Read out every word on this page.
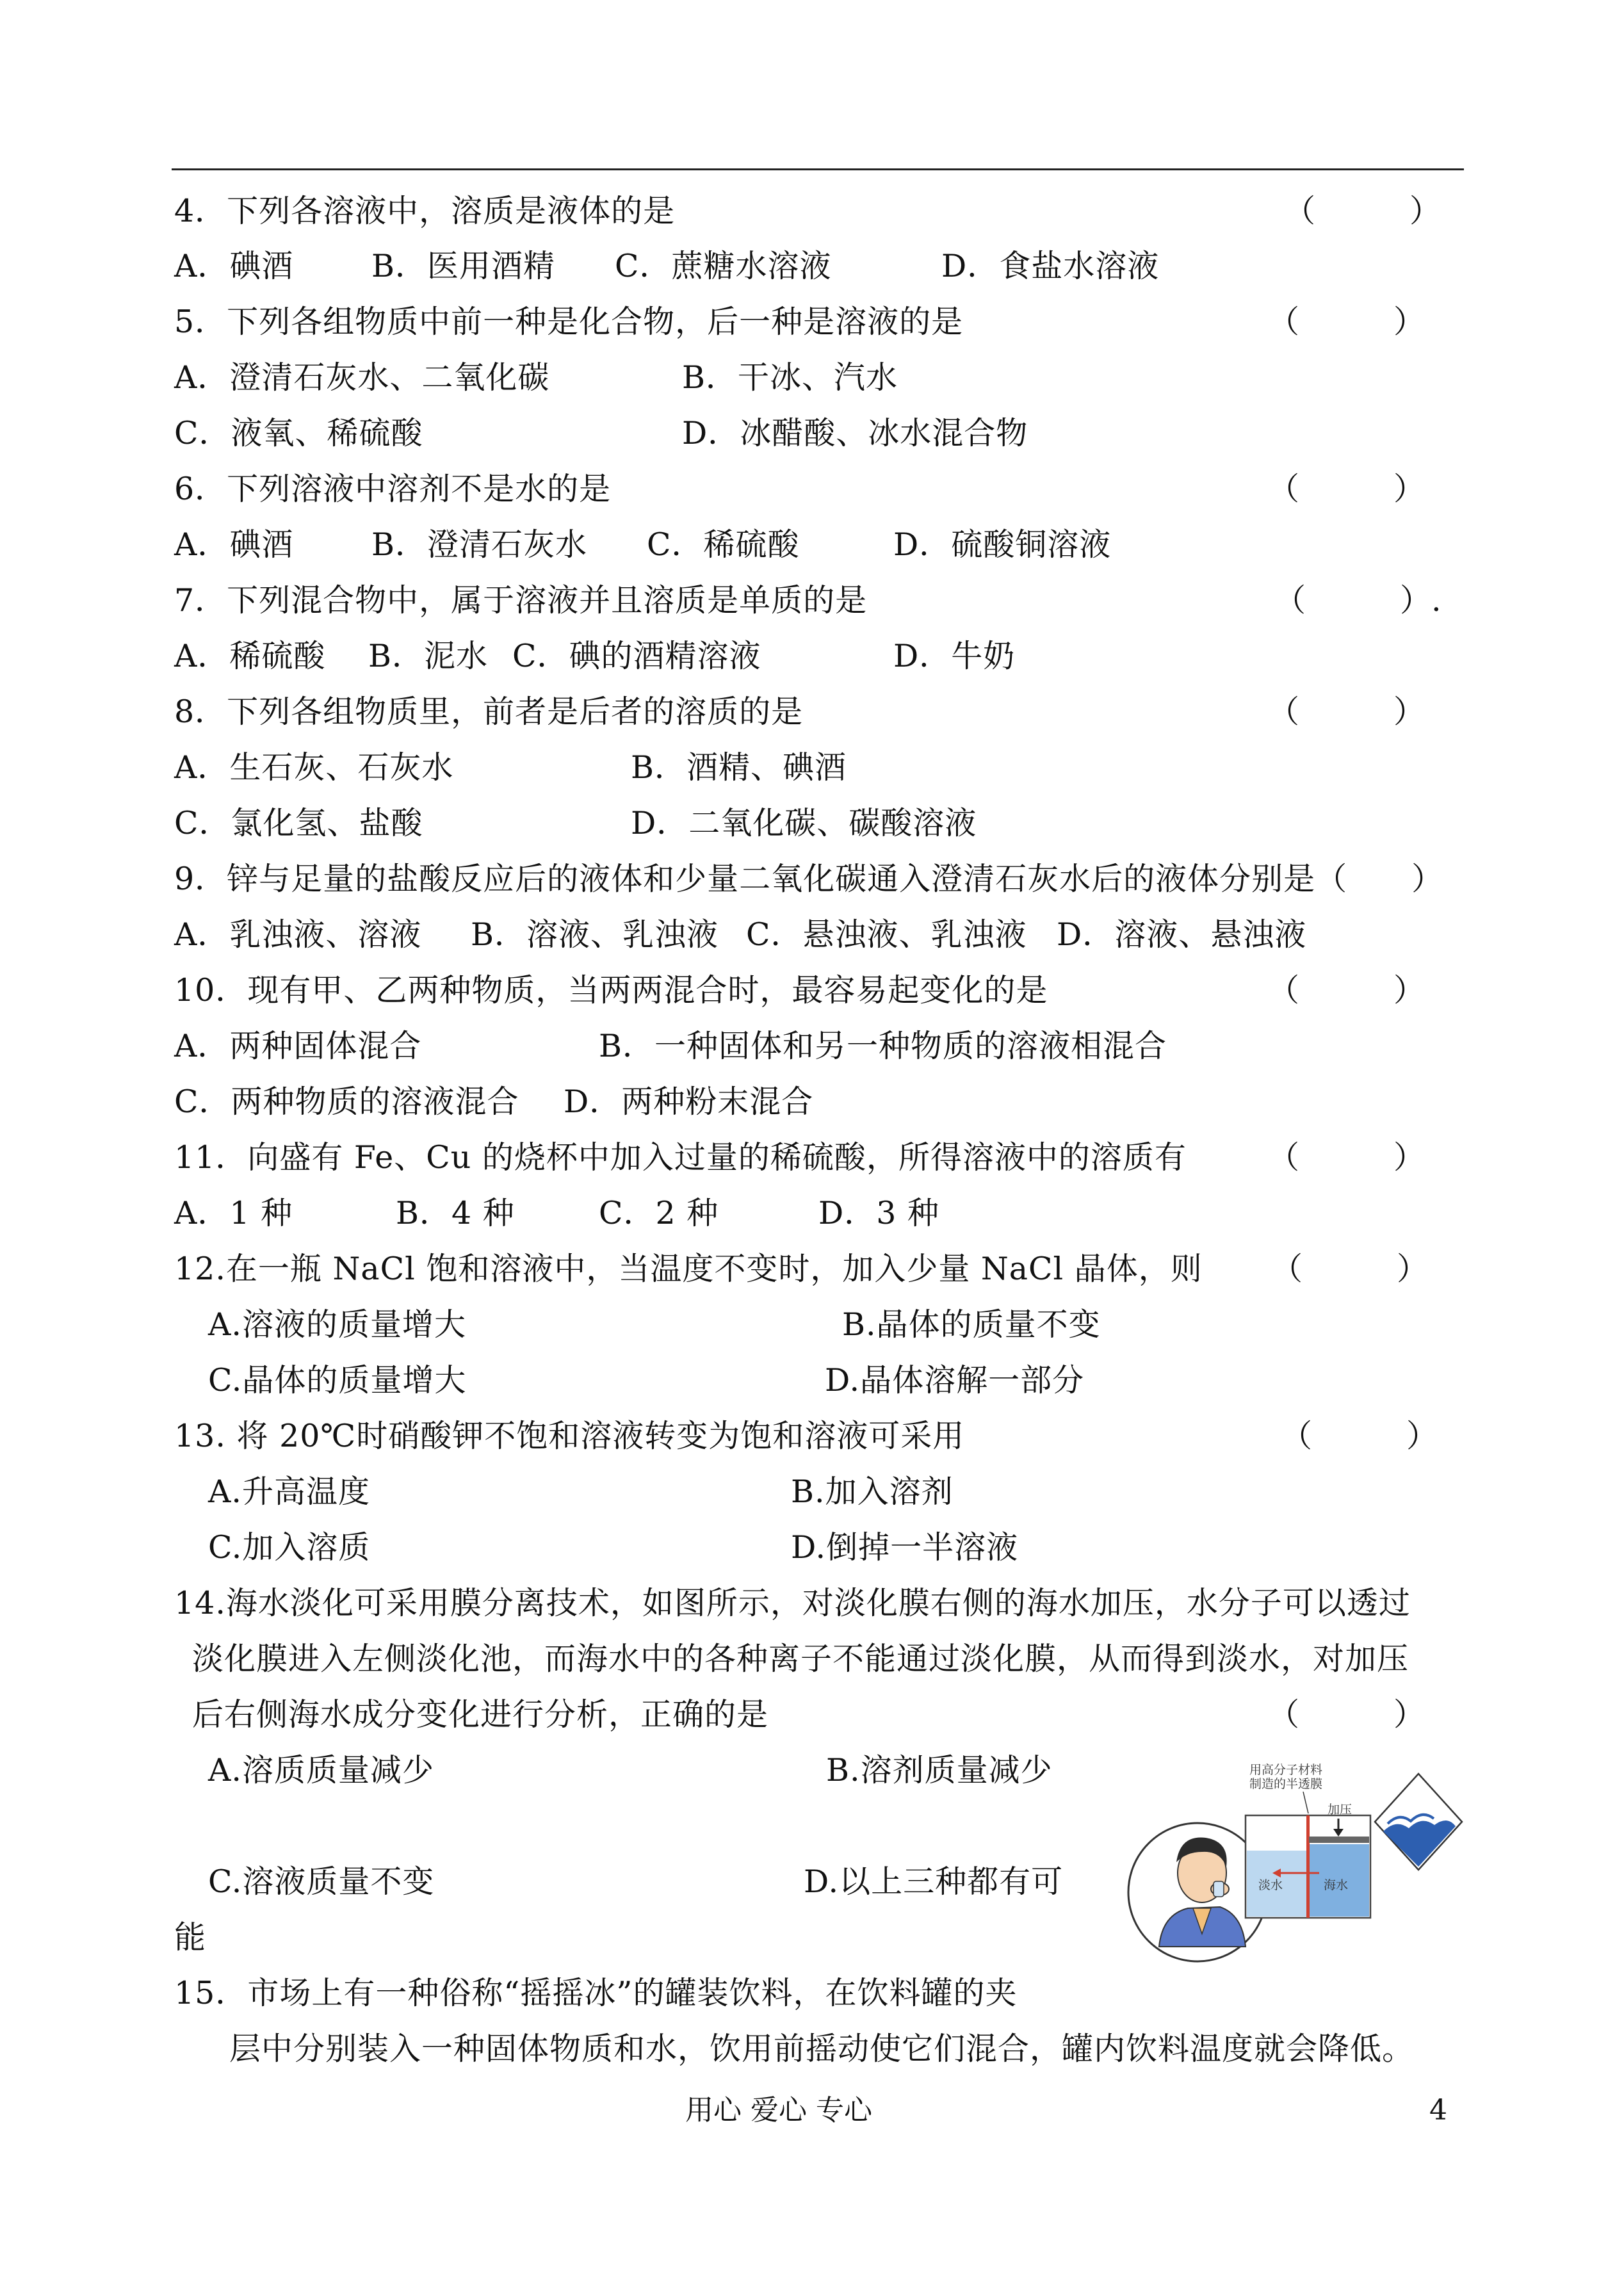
4．下列各溶液中，溶质是液体的是	（　　　）
A．碘酒 B．医用酒精 C．蔗糖水溶液	D．食盐水溶液
5．下列各组物质中前一种是化合物，后一种是溶液的是	（　　　）
A．澄清石灰水、二氧化碳	B．干冰、汽水
C．液氧、稀硫酸	D．冰醋酸、冰水混合物
6．下列溶液中溶剂不是水的是	（　　　）
A．碘酒 B．澄清石灰水 C．稀硫酸	D．硫酸铜溶液
7．下列混合物中，属于溶液并且溶质是单质的是	（　　　）.
A．稀硫酸 B．泥水 C．碘的酒精溶液	D．牛奶
8．下列各组物质里，前者是后者的溶质的是	（　　　）
A．生石灰、石灰水	B．酒精、碘酒
C．氯化氢、盐酸	D．二氧化碳、碳酸溶液
9．锌与足量的盐酸反应后的液体和少量二氧化碳通入澄清石灰水后的液体分别是（　　）
A．乳浊液、溶液 B．溶液、乳浊液 C．悬浊液、乳浊液 D．溶液、悬浊液
10．现有甲、乙两种物质，当两两混合时，最容易起变化的是	（　　　）
A．两种固体混合	B．一种固体和另一种物质的溶液相混合
C．两种物质的溶液混合 D．两种粉末混合
11．向盛有 Fe、Cu 的烧杯中加入过量的稀硫酸，所得溶液中的溶质有	（　　　）
A．1 种	B．4 种	C．2 种	D．3 种
12.在一瓶 NaCl 饱和溶液中，当温度不变时，加入少量 NaCl 晶体，则 （　　　）
A.溶液的质量增大	B.晶体的质量不变
C.晶体的质量增大	D.晶体溶解一部分
13. 将 20℃时硝酸钾不饱和溶液转变为饱和溶液可采用	（　　　）
A.升高温度	B.加入溶剂
C.加入溶质	D.倒掉一半溶液
14.海水淡化可采用膜分离技术，如图所示，对淡化膜右侧的海水加压，水分子可以透过
淡化膜进入左侧淡化池，而海水中的各种离子不能通过淡化膜，从而得到淡水，对加压
后右侧海水成分变化进行分析，正确的是	（　　　）
A.溶质质量减少	B.溶剂质量减少
C.溶液质量不变	D.以上三种都有可
能
用高分子材料
制造的半透膜
加压
淡水	海水
15．市场上有一种俗称“摇摇冰”的罐装饮料，在饮料罐的夹
层中分别装入一种固体物质和水，饮用前摇动使它们混合，罐内饮料温度就会降低。
用心 爱心 专心	4
